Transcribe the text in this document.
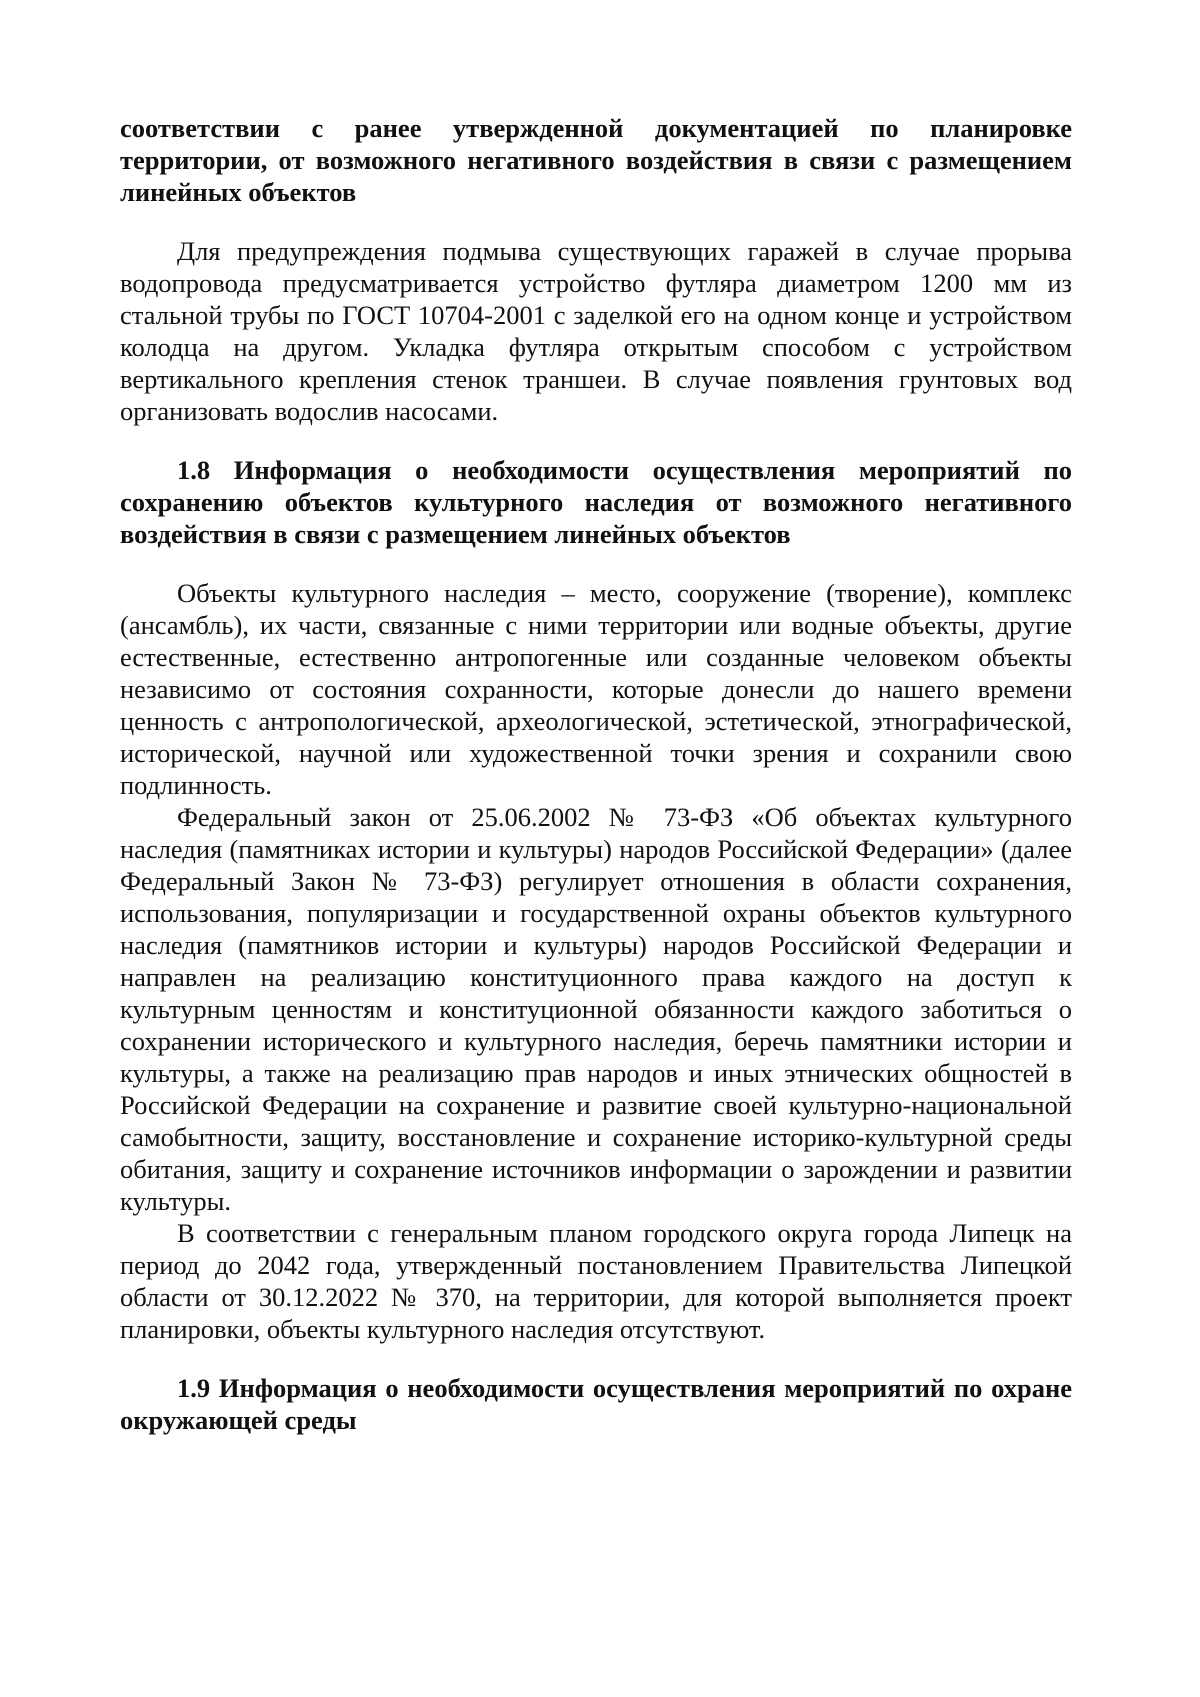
соответствии с ранее утвержденной документацией по планировке территории, от возможного негативного воздействия в связи с размещением линейных объектов

Для предупреждения подмыва существующих гаражей в случае прорыва водопровода предусматривается устройство футляра диаметром 1200 мм из стальной трубы по ГОСТ 10704-2001 с заделкой его на одном конце и устройством колодца на другом. Укладка футляра открытым способом с устройством вертикального крепления стенок траншеи. В случае появления грунтовых вод организовать водослив насосами.

1.8 Информация о необходимости осуществления мероприятий по сохранению объектов культурного наследия от возможного негативного воздействия в связи с размещением линейных объектов

Объекты культурного наследия – место, сооружение (творение), комплекс (ансамбль), их части, связанные с ними территории или водные объекты, другие естественные, естественно антропогенные или созданные человеком объекты независимо от состояния сохранности, которые донесли до нашего времени ценность с антропологической, археологической, эстетической, этнографической, исторической, научной или художественной точки зрения и сохранили свою подлинность.

Федеральный закон от 25.06.2002 № 73-ФЗ «Об объектах культурного наследия (памятниках истории и культуры) народов Российской Федерации» (далее Федеральный Закон № 73-ФЗ) регулирует отношения в области сохранения, использования, популяризации и государственной охраны объектов культурного наследия (памятников истории и культуры) народов Российской Федерации и направлен на реализацию конституционного права каждого на доступ к культурным ценностям и конституционной обязанности каждого заботиться о сохранении исторического и культурного наследия, беречь памятники истории и культуры, а также на реализацию прав народов и иных этнических общностей в Российской Федерации на сохранение и развитие своей культурно-национальной самобытности, защиту, восстановление и сохранение историко-культурной среды обитания, защиту и сохранение источников информации о зарождении и развитии культуры.

В соответствии с генеральным планом городского округа города Липецк на период до 2042 года, утвержденный постановлением Правительства Липецкой области от 30.12.2022 № 370, на территории, для которой выполняется проект планировки, объекты культурного наследия отсутствуют.

1.9 Информация о необходимости осуществления мероприятий по охране окружающей среды
